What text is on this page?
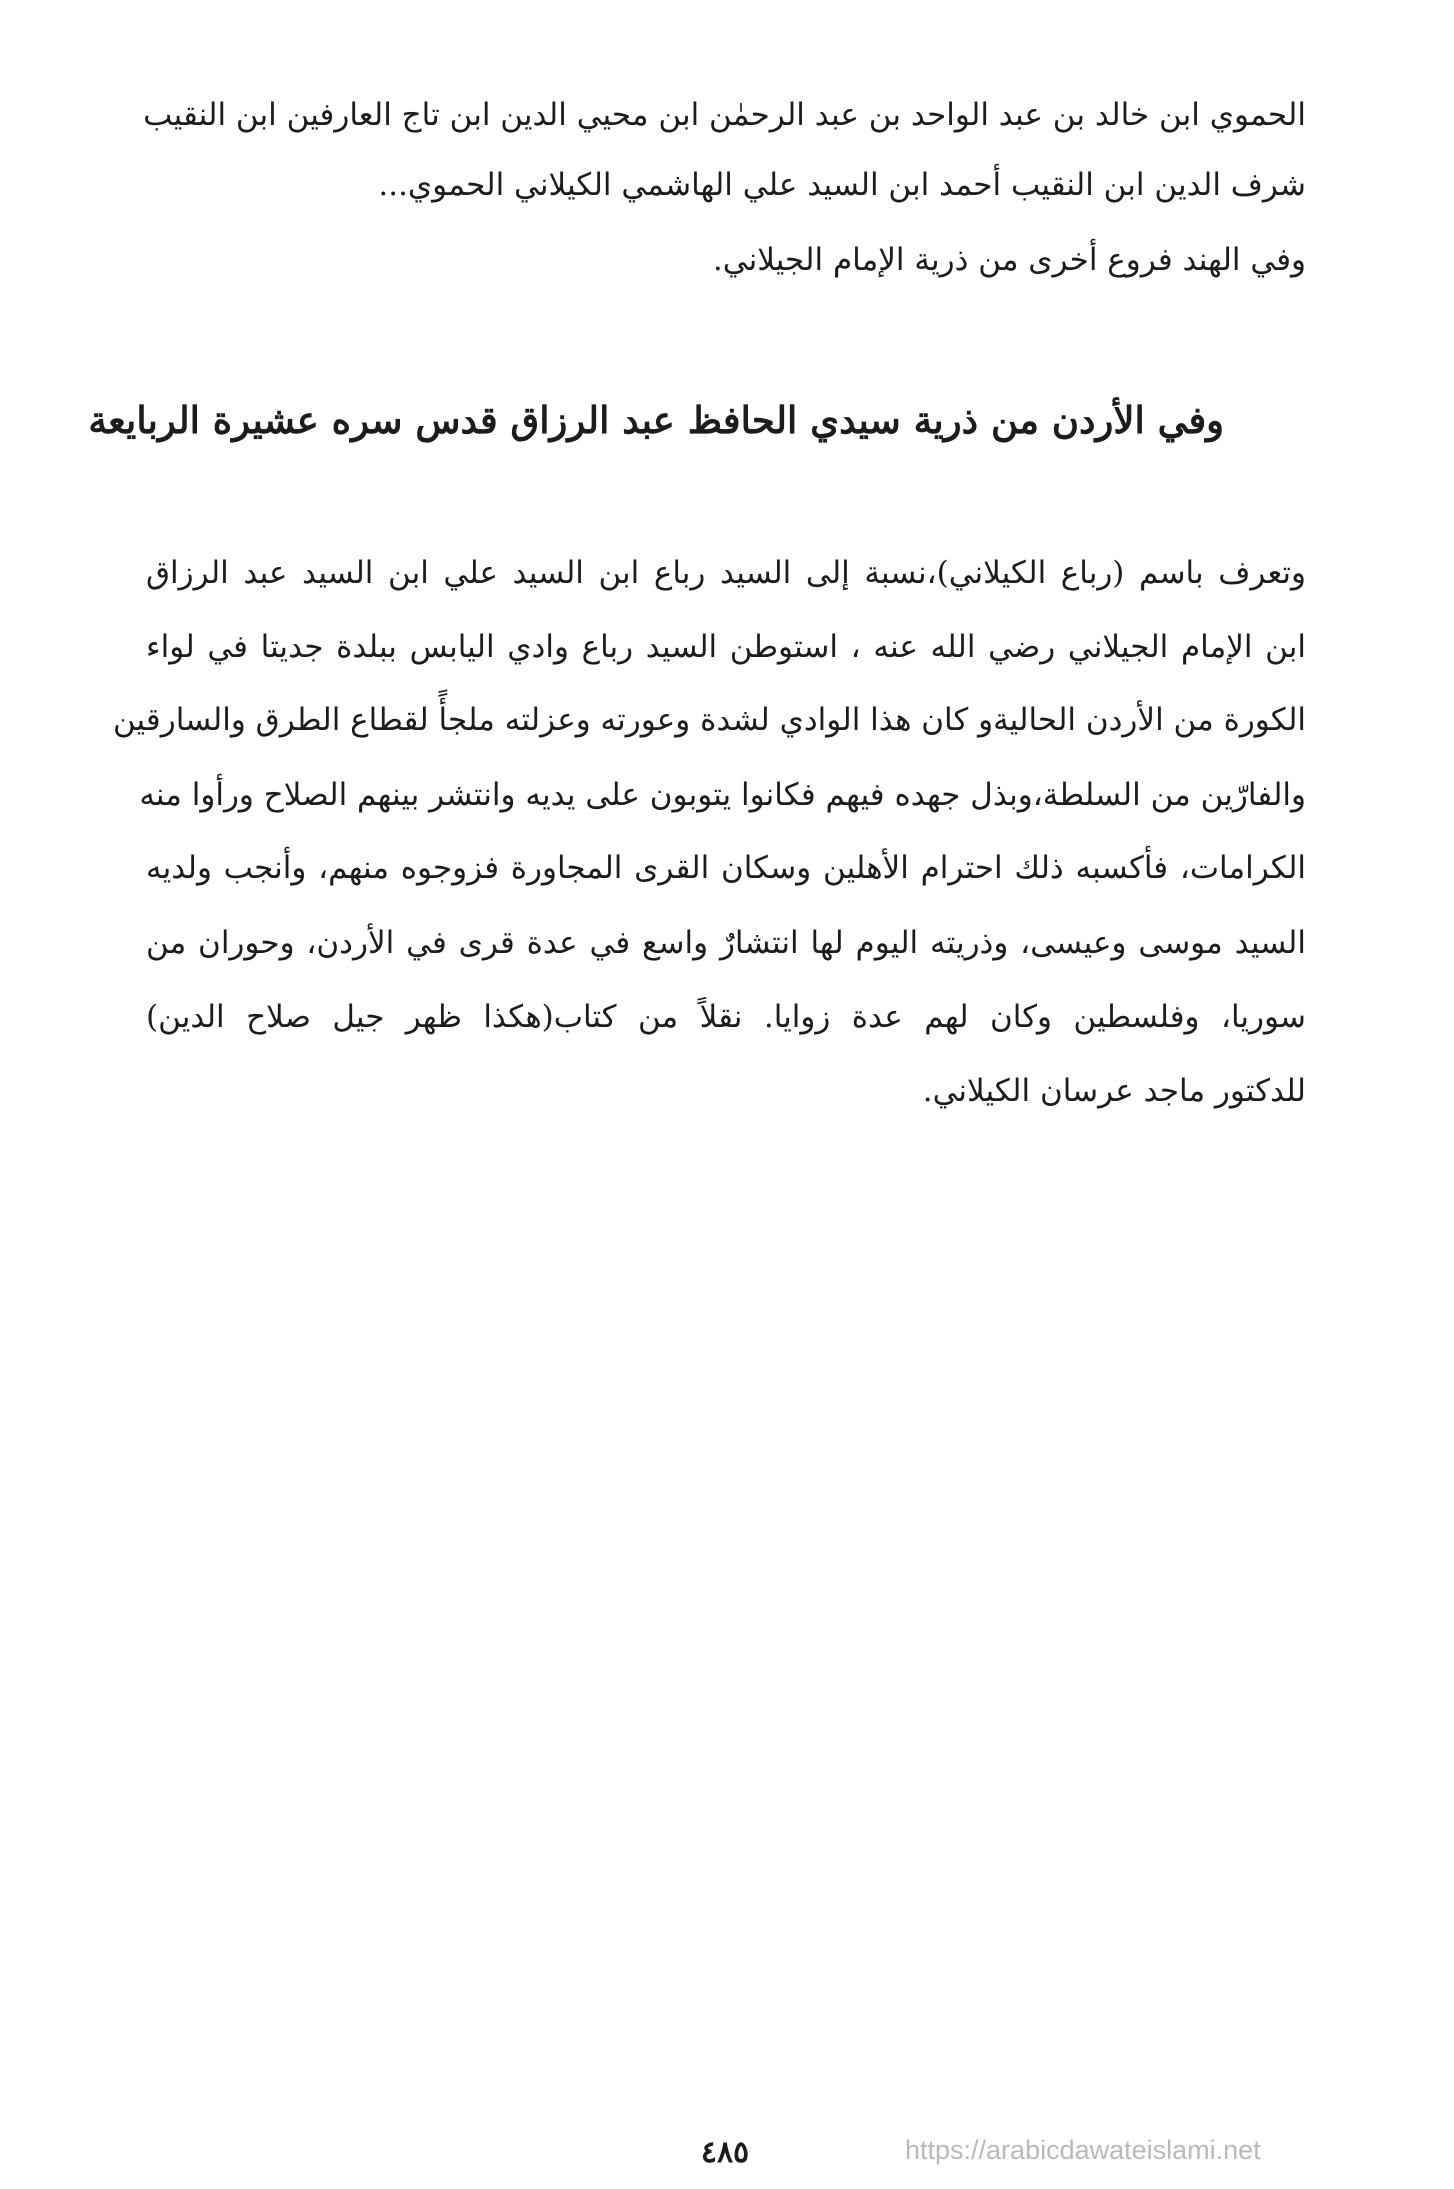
الحموي ابن خالد بن عبد الواحد بن عبد الرحمٰن ابن محيي الدين ابن تاج العارفين ابن النقيب
شرف الدين ابن النقيب أحمد ابن السيد علي الهاشمي الكيلاني الحموي...
وفي الهند فروع أخرى من ذرية الإمام الجيلاني.
وفي الأردن من ذرية سيدي الحافظ عبد الرزاق قدس سره عشيرة الربايعة
وتعرف باسم (رباع الكيلاني)،نسبة إلى السيد رباع ابن السيد علي ابن السيد عبد الرزاق
ابن الإمام الجيلاني رضي الله عنه ، استوطن السيد رباع وادي اليابس ببلدة جديتا في لواء
الكورة من الأردن الحاليةو كان هذا الوادي لشدة وعورته وعزلته ملجأً لقطاع الطرق والسارقين
والفارّين من السلطة،وبذل جهده فيهم فكانوا يتوبون على يديه وانتشر بينهم الصلاح ورأوا منه
الكرامات، فأكسبه ذلك احترام الأهلين وسكان القرى المجاورة فزوجوه منهم، وأنجب ولديه
السيد موسى وعيسى، وذريته اليوم لها انتشارٌ واسع في عدة قرى في الأردن، وحوران من
سوريا، وفلسطين وكان لهم عدة زوايا. نقلاً من كتاب(هكذا ظهر جيل صلاح الدين)
للدكتور ماجد عرسان الكيلاني.
٤٨٥	https://arabicdawateislami.net
